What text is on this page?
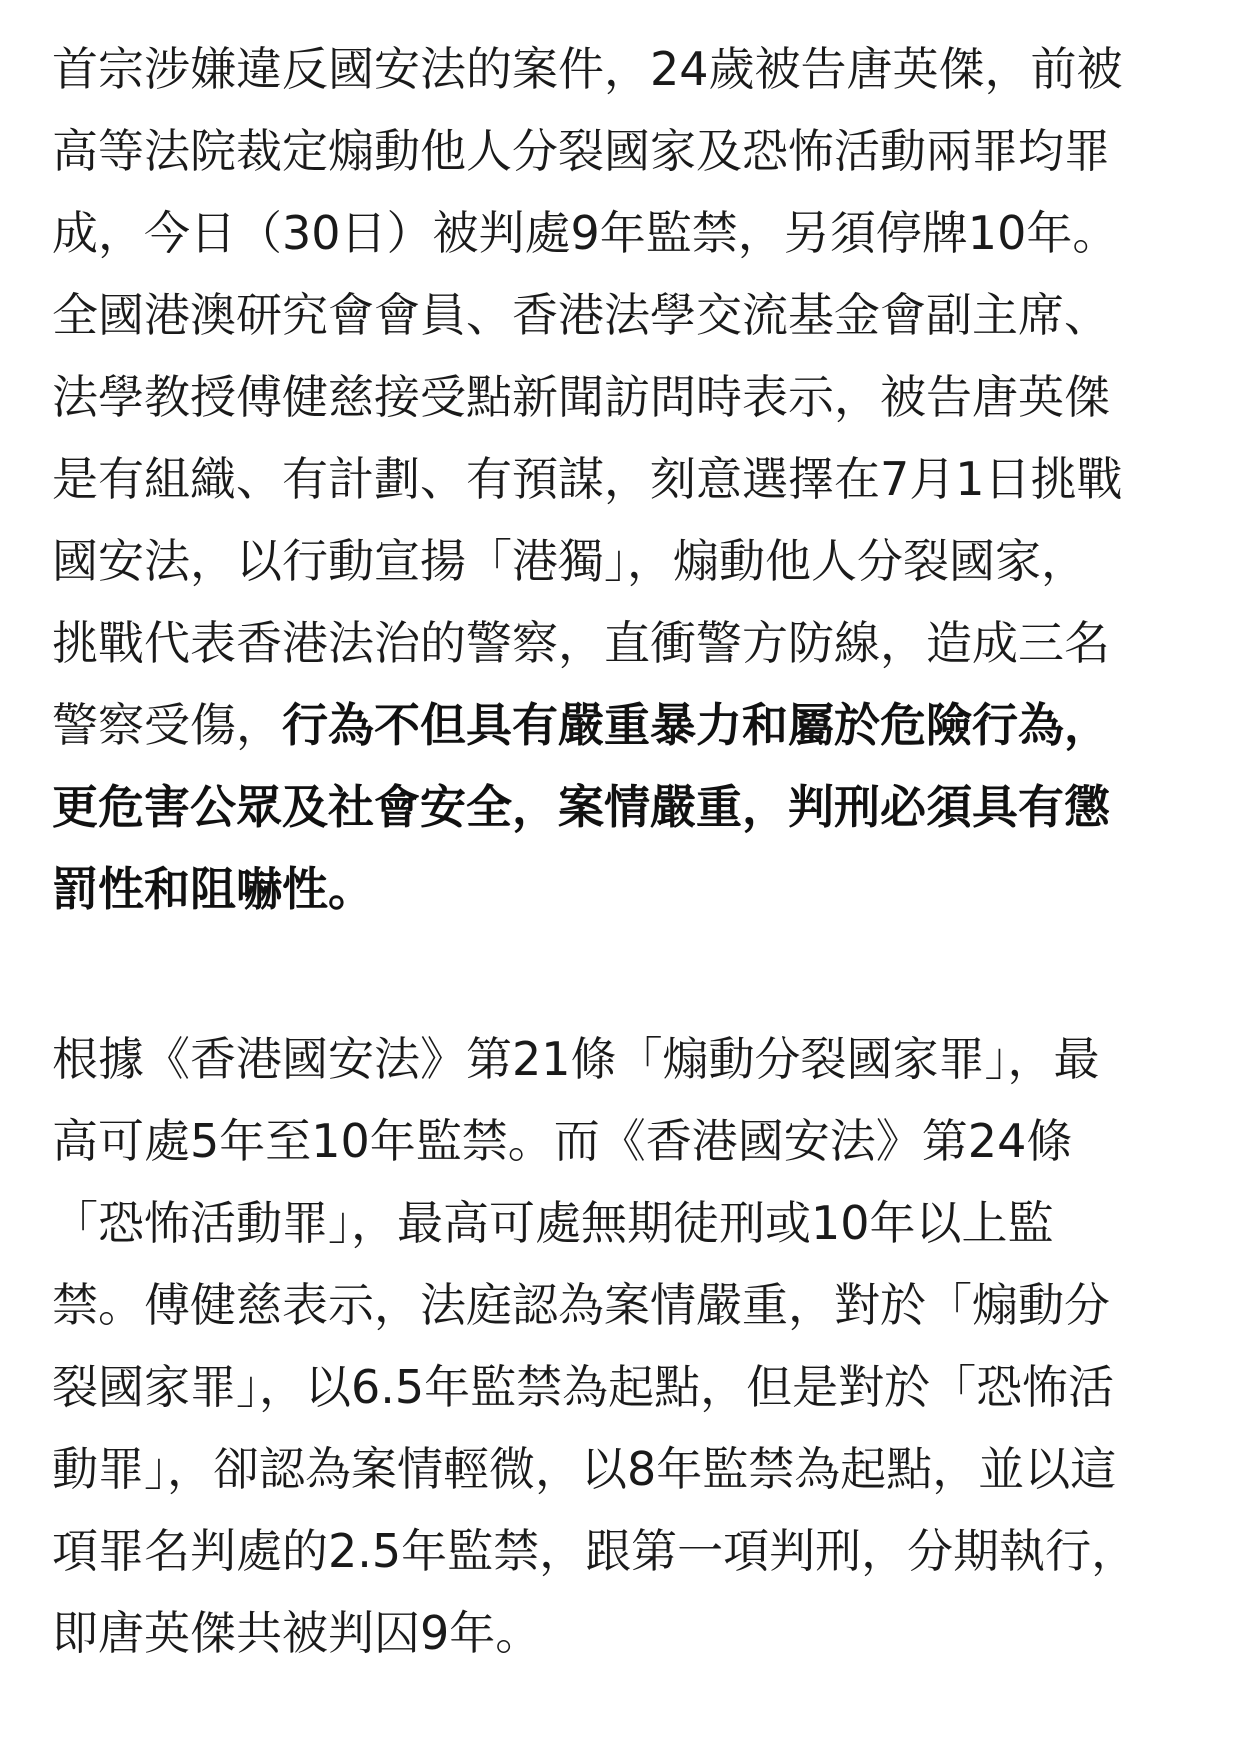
首宗涉嫌違反國安法的案件，24歲被告唐英傑，前被
高等法院裁定煽動他人分裂國家及恐怖活動兩罪均罪
成，今日（30日）被判處9年監禁，另須停牌10年。
全國港澳研究會會員、香港法學交流基金會副主席、
法學教授傅健慈接受點新聞訪問時表示，被告唐英傑
是有組織、有計劃、有預謀，刻意選擇在7月1日挑戰
國安法，以行動宣揚「港獨」，煽動他人分裂國家，
挑戰代表香港法治的警察，直衝警方防線，造成三名
警察受傷，行為不但具有嚴重暴力和屬於危險行為，
更危害公眾及社會安全，案情嚴重，判刑必須具有懲
罰性和阻嚇性。
根據《香港國安法》第21條「煽動分裂國家罪」，最
高可處5年至10年監禁。而《香港國安法》第24條
「恐怖活動罪」，最高可處無期徒刑或10年以上監
禁。傅健慈表示，法庭認為案情嚴重，對於「煽動分
裂國家罪」，以6.5年監禁為起點，但是對於「恐怖活
動罪」，卻認為案情輕微，以8年監禁為起點，並以這
項罪名判處的2.5年監禁，跟第一項判刑，分期執行，
即唐英傑共被判囚9年。
